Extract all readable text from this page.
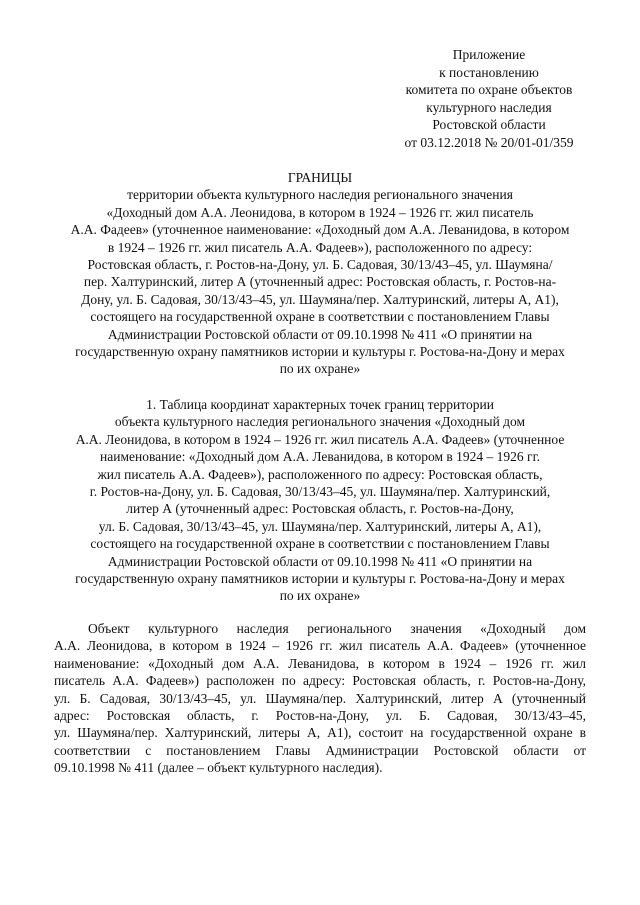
Приложение
к постановлению
комитета по охране объектов
культурного наследия
Ростовской области
от 03.12.2018 № 20/01-01/359
ГРАНИЦЫ
территории объекта культурного наследия регионального значения
«Доходный дом А.А. Леонидова, в котором в 1924 – 1926 гг. жил писатель
А.А. Фадеев» (уточненное наименование: «Доходный дом А.А. Леванидова, в котором
в 1924 – 1926 гг. жил писатель А.А. Фадеев»), расположенного по адресу:
Ростовская область, г. Ростов-на-Дону, ул. Б. Садовая, 30/13/43–45, ул. Шаумяна/
пер. Халтуринский, литер А (уточненный адрес: Ростовская область, г. Ростов-на-
Дону, ул. Б. Садовая, 30/13/43–45, ул. Шаумяна/пер. Халтуринский, литеры А, А1),
состоящего на государственной охране в соответствии с постановлением Главы
Администрации Ростовской области от 09.10.1998 № 411 «О принятии на
государственную охрану памятников истории и культуры г. Ростова-на-Дону и мерах
по их охране»
1. Таблица координат характерных точек границ территории
объекта культурного наследия регионального значения «Доходный дом
А.А. Леонидова, в котором в 1924 – 1926 гг. жил писатель А.А. Фадеев» (уточненное
наименование: «Доходный дом А.А. Леванидова, в котором в 1924 – 1926 гг.
жил писатель А.А. Фадеев»), расположенного по адресу: Ростовская область,
г. Ростов-на-Дону, ул. Б. Садовая, 30/13/43–45, ул. Шаумяна/пер. Халтуринский,
литер А (уточненный адрес: Ростовская область, г. Ростов-на-Дону,
ул. Б. Садовая, 30/13/43–45, ул. Шаумяна/пер. Халтуринский, литеры А, А1),
состоящего на государственной охране в соответствии с постановлением Главы
Администрации Ростовской области от 09.10.1998 № 411 «О принятии на
государственную охрану памятников истории и культуры г. Ростова-на-Дону и мерах
по их охране»
Объект культурного наследия регионального значения «Доходный дом
А.А. Леонидова, в котором в 1924 – 1926 гг. жил писатель А.А. Фадеев» (уточненное
наименование: «Доходный дом А.А. Леванидова, в котором в 1924 – 1926 гг. жил
писатель А.А. Фадеев») расположен по адресу: Ростовская область, г. Ростов-на-Дону,
ул. Б. Садовая, 30/13/43–45, ул. Шаумяна/пер. Халтуринский, литер А (уточненный
адрес: Ростовская область, г. Ростов-на-Дону, ул. Б. Садовая, 30/13/43–45,
ул. Шаумяна/пер. Халтуринский, литеры А, А1), состоит на государственной охране в
соответствии с постановлением Главы Администрации Ростовской области от
09.10.1998 № 411 (далее – объект культурного наследия).
